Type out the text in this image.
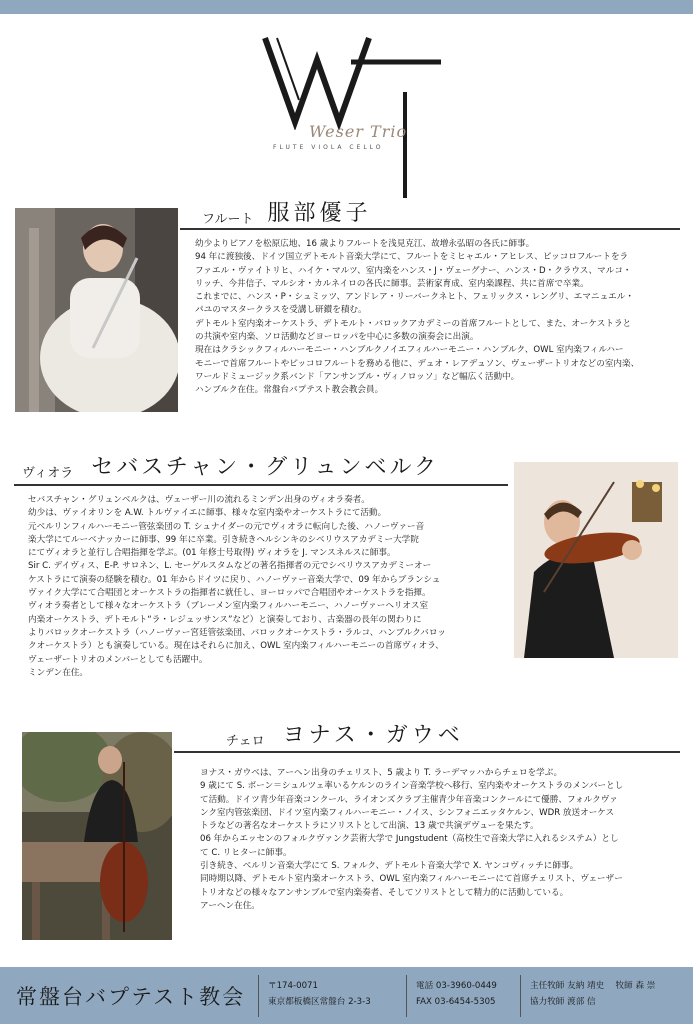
Weser Trio
FLUTE VIOLA CELLO
フルート 服部優子

幼少よりピアノを松原広地、16 歳よりフルートを浅見克江、故増永弘昭の各氏に師事。

94 年に渡独後、ドイツ国立デトモルト音楽大学にて、フルートをミヒャエル・アヒレス、ピッコロフルートをラ

ファエル・ヴァイトリヒ、ハイケ・マルツ、室内楽をハンス・J・ヴェーグナー、ハンス・D・クラウス、マルコ・

リッチ、今井信子、マルシオ・カルネイロの各氏に師事。芸術家育成、室内楽課程、共に首席で卒業。

これまでに、ハンス・P・シュミッツ、アンドレア・リーバークネヒト、フェリックス・レングリ、エマニュエル・

パユのマスタークラスを受講し研鑚を積む。

デトモルト室内楽オーケストラ、デトモルト・バロックアカデミーの首席フルートとして、また、オーケストラと

の共演や室内楽、ソロ活動などヨーロッパを中心に多数の演奏会に出演。

現在はクラシックフィルハーモニー・ハンブルクノイエフィルハーモニー・ハンブルク、OWL 室内楽フィルハー

モニーで首席フルートやピッコロフルートを務める他に、デュオ・レアデュソン、ヴェーザートリオなどの室内楽、

ワールドミュージック系バンド「アンサンブル・ヴィノロッソ」など幅広く活動中。

ハンブルク在住。常盤台バプテスト教会教会員。

ヴィオラ セバスチャン・グリュンベルク

セバスチャン・グリュンベルクは、ヴェーザー川の流れるミンデン出身のヴィオラ奏者。

幼少は、ヴァイオリンを A.W. トルヴァイエに師事、様々な室内楽やオーケストラにて活動。

元ベルリンフィルハーモニー管弦楽団の T. シュナイダーの元でヴィオラに転向した後、ハノーヴァー音

楽大学にてルーベナッカーに師事、99 年に卒業。引き続きヘルシンキのシベリウスアカデミー大学院

にてヴィオラと並行し合唱指揮を学ぶ。(01 年修士号取得) ヴィオラを J. マンスネルスに師事。

Sir C. デイヴィス、E-P. サロネン、L. セーゲルスタムなどの著名指揮者の元でシベリウスアカデミーオー

ケストラにて演奏の経験を積む。01 年からドイツに戻り、ハノーヴァー音楽大学で、09 年からブランシュ

ヴァイク大学にて合唱団とオーケストラの指揮者に就任し、ヨーロッパで合唱団やオーケストラを指揮。

ヴィオラ奏者として様々なオーケストラ（ブレーメン室内楽フィルハーモニー、ハノーヴァーヘリオス室

内楽オーケストラ、デトモルト“ラ・レジュッサンス”など）と演奏しており、古楽器の長年の関わりに

よりバロックオーケストラ（ハノーヴァー宮廷管弦楽団、バロックオーケストラ・ラルコ、ハンブルクバロッ

クオーケストラ）とも演奏している。現在はそれらに加え、OWL 室内楽フィルハーモニーの首席ヴィオラ、

ヴェーザートリオのメンバーとしても活躍中。

ミンデン在住。

チェロ ヨナス・ガウベ

ヨナス・ガウベは、アーヘン出身のチェリスト、5 歳より T. ラーデマッハからチェロを学ぶ。

9 歳にて S. ボーン＝シュルツェ率いるケルンのライン音楽学校へ移行、室内楽やオーケストラのメンバーとし

て活動。ドイツ青少年音楽コンクール、ライオンズクラブ主催青少年音楽コンクールにて優勝、フォルクヴァ

ンク室内管弦楽団、ドイツ室内楽フィルハーモニー・ノイス、シンフォニエッタケルン、WDR 放送オーケス

トラなどの著名なオーケストラにソリストとして出演、13 歳で共演デヴューを果たす。

06 年からエッセンのフォルクヴァンク芸術大学で Jungstudent（高校生で音楽大学に入れるシステム）とし

て C. リヒターに師事。

引き続き、ベルリン音楽大学にて S. フォルク、デトモルト音楽大学で X. ヤンコヴィッチに師事。

同時期以降、デトモルト室内楽オーケストラ、OWL 室内楽フィルハーモニーにて首席チェリスト、ヴェーザー

トリオなどの様々なアンサンブルで室内楽奏者、そしてソリストとして精力的に活動している。

アーヘン在住。

常盤台バプテスト教会	〒174-0071
東京都板橋区常盤台 2-3-3
電話 03-3960-0449
FAX 03-6454-5305
主任牧師 友納 靖史　 牧師 森 崇
協力牧師 渡部 信
